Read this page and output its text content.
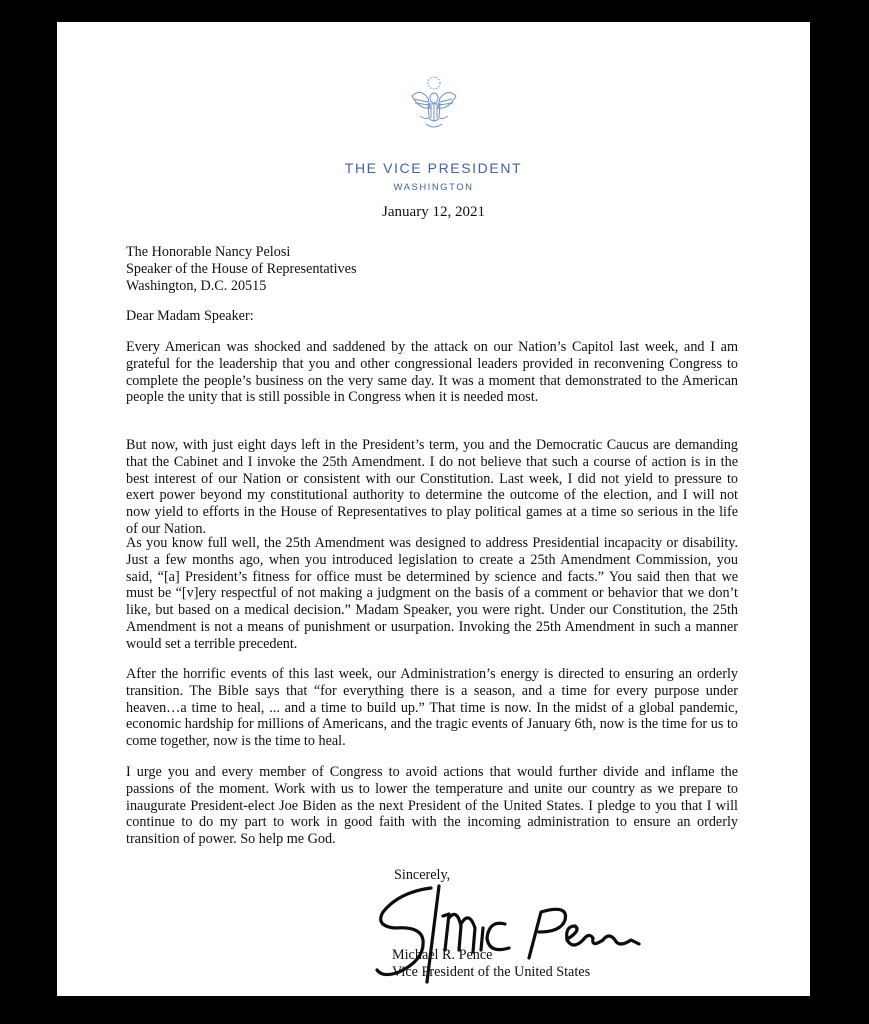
THE VICE PRESIDENT
WASHINGTON
January 12, 2021
The Honorable Nancy Pelosi
Speaker of the House of Representatives
Washington, D.C. 20515
Dear Madam Speaker:

Every American was shocked and saddened by the attack on our Nation’s Capitol last week, and I am grateful for the leadership that you and other congressional leaders provided in reconvening Congress to complete the people’s business on the very same day. It was a moment that demonstrated to the American people the unity that is still possible in Congress when it is needed most.

But now, with just eight days left in the President’s term, you and the Democratic Caucus are demanding that the Cabinet and I invoke the 25th Amendment. I do not believe that such a course of action is in the best interest of our Nation or consistent with our Constitution. Last week, I did not yield to pressure to exert power beyond my constitutional authority to determine the outcome of the election, and I will not now yield to efforts in the House of Representatives to play political games at a time so serious in the life of our Nation.

As you know full well, the 25th Amendment was designed to address Presidential incapacity or disability. Just a few months ago, when you introduced legislation to create a 25th Amendment Commission, you said, “[a] President’s fitness for office must be determined by science and facts.” You said then that we must be “[v]ery respectful of not making a judgment on the basis of a comment or behavior that we don’t like, but based on a medical decision.” Madam Speaker, you were right. Under our Constitution, the 25th Amendment is not a means of punishment or usurpation. Invoking the 25th Amendment in such a manner would set a terrible precedent.

After the horrific events of this last week, our Administration’s energy is directed to ensuring an orderly transition. The Bible says that “for everything there is a season, and a time for every purpose under heaven…a time to heal, ... and a time to build up.” That time is now. In the midst of a global pandemic, economic hardship for millions of Americans, and the tragic events of January 6th, now is the time for us to come together, now is the time to heal.

I urge you and every member of Congress to avoid actions that would further divide and inflame the passions of the moment. Work with us to lower the temperature and unite our country as we prepare to inaugurate President-elect Joe Biden as the next President of the United States. I pledge to you that I will continue to do my part to work in good faith with the incoming administration to ensure an orderly transition of power. So help me God.

Sincerely,
Michael R. Pence
Vice President of the United States
